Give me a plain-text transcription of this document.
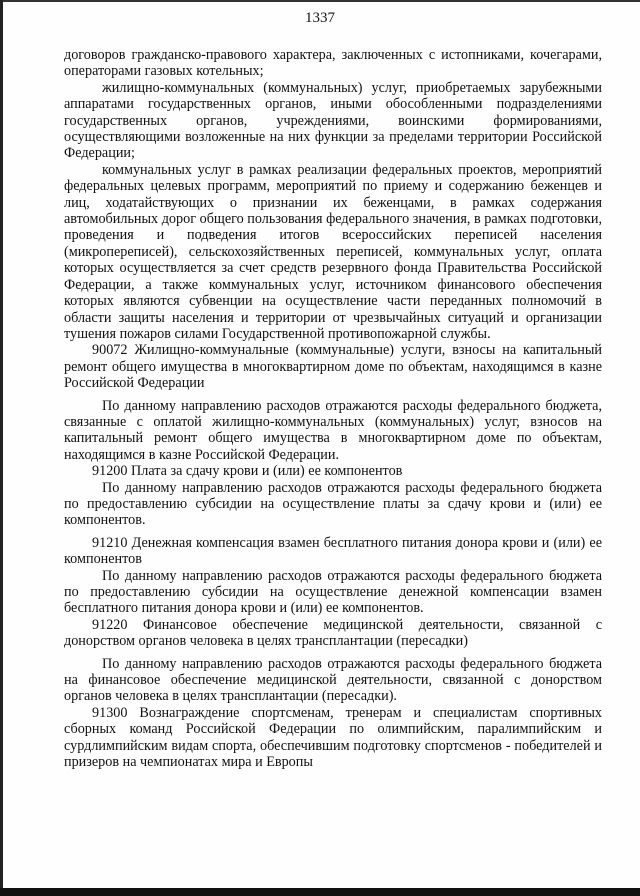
1337

договоров гражданско-правового характера, заключенных с истопниками, кочегарами, операторами газовых котельных;

жилищно-коммунальных (коммунальных) услуг, приобретаемых зарубежными аппаратами государственных органов, иными обособленными подразделениями государственных органов, учреждениями, воинскими формированиями, осуществляющими возложенные на них функции за пределами территории Российской Федерации;

коммунальных услуг в рамках реализации федеральных проектов, мероприятий федеральных целевых программ, мероприятий по приему и содержанию беженцев и лиц, ходатайствующих о признании их беженцами, в рамках содержания автомобильных дорог общего пользования федерального значения, в рамках подготовки, проведения и подведения итогов всероссийских переписей населения (микропереписей), сельскохозяйственных переписей, коммунальных услуг, оплата которых осуществляется за счет средств резервного фонда Правительства Российской Федерации, а также коммунальных услуг, источником финансового обеспечения которых являются субвенции на осуществление части переданных полномочий в области защиты населения и территории от чрезвычайных ситуаций и организации тушения пожаров силами Государственной противопожарной службы.

90072 Жилищно-коммунальные (коммунальные) услуги, взносы на капитальный ремонт общего имущества в многоквартирном доме по объектам, находящимся в казне Российской Федерации

По данному направлению расходов отражаются расходы федерального бюджета, связанные с оплатой жилищно-коммунальных (коммунальных) услуг, взносов на капитальный ремонт общего имущества в многоквартирном доме по объектам, находящимся в казне Российской Федерации.

91200 Плата за сдачу крови и (или) ее компонентов

По данному направлению расходов отражаются расходы федерального бюджета по предоставлению субсидии на осуществление платы за сдачу крови и (или) ее компонентов.

91210 Денежная компенсация взамен бесплатного питания донора крови и (или) ее компонентов

По данному направлению расходов отражаются расходы федерального бюджета по предоставлению субсидии на осуществление денежной компенсации взамен бесплатного питания донора крови и (или) ее компонентов.

91220 Финансовое обеспечение медицинской деятельности, связанной с донорством органов человека в целях трансплантации (пересадки)

По данному направлению расходов отражаются расходы федерального бюджета на финансовое обеспечение медицинской деятельности, связанной с донорством органов человека в целях трансплантации (пересадки).

91300 Вознаграждение спортсменам, тренерам и специалистам спортивных сборных команд Российской Федерации по олимпийским, паралимпийским и сурдлимпийским видам спорта, обеспечившим подготовку спортсменов - победителей и призеров на чемпионатах мира и Европы
